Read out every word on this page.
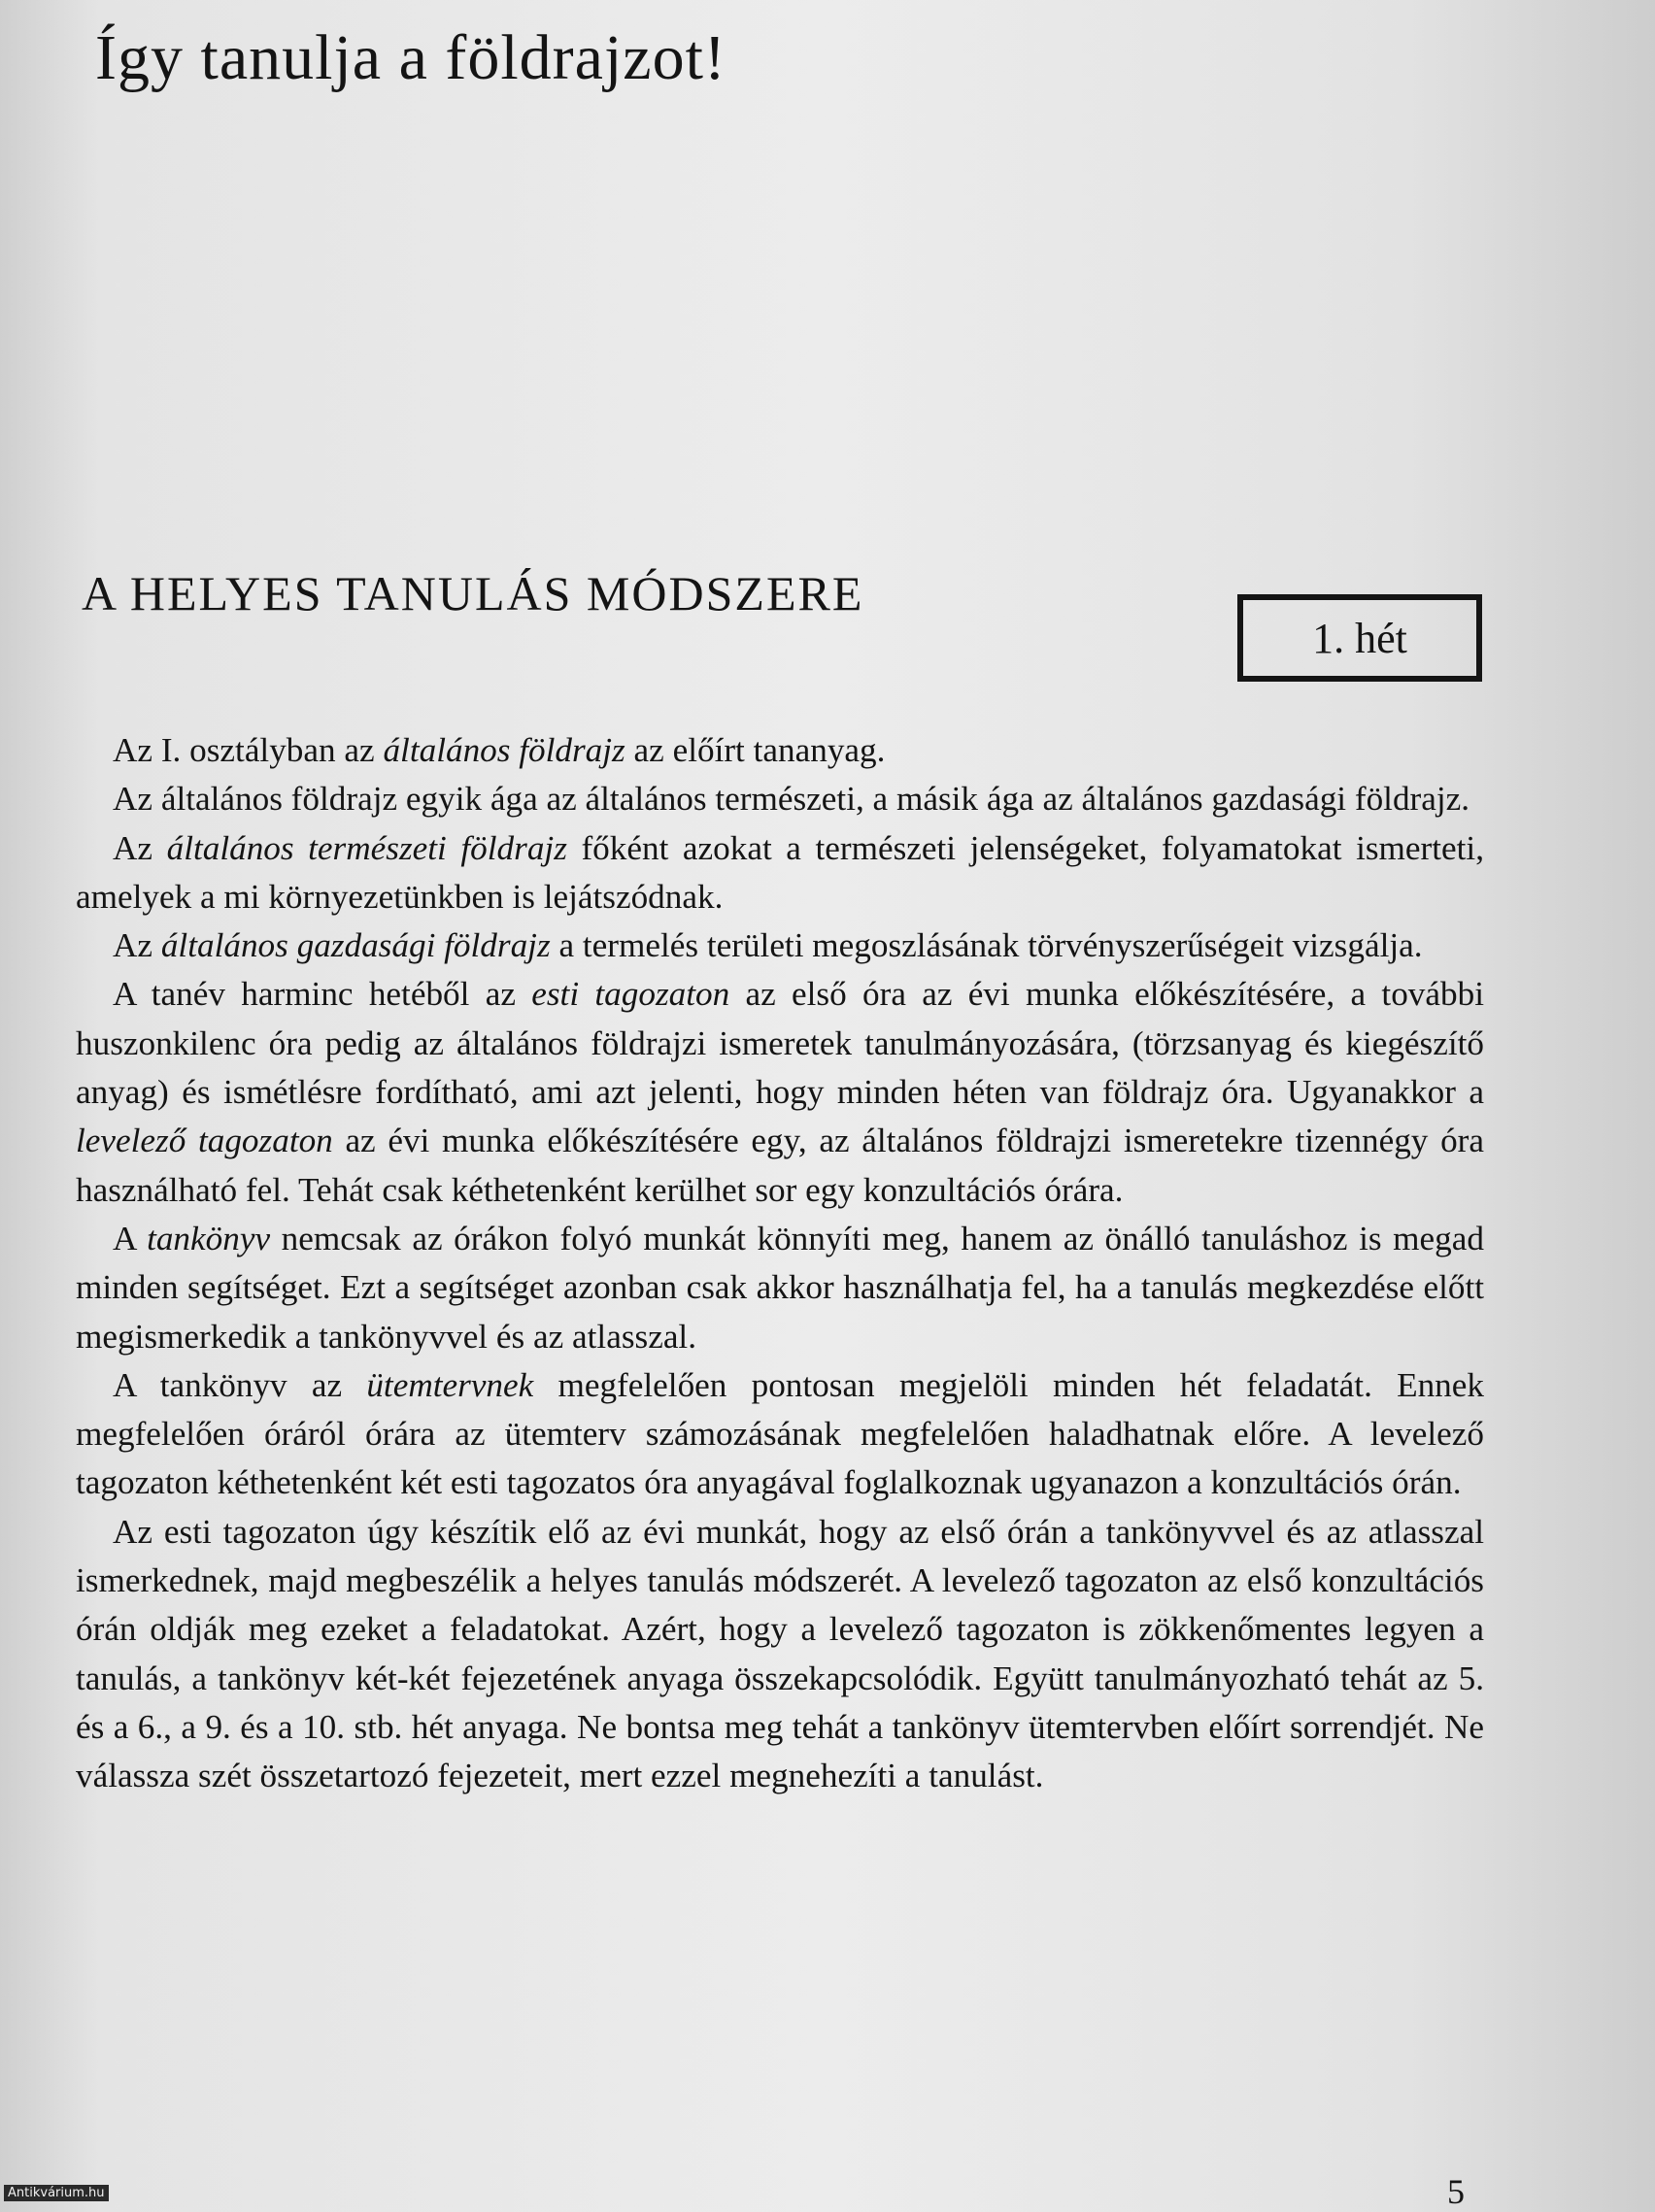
Így tanulja a földrajzot!
A HELYES TANULÁS MÓDSZERE
1. hét

Az I. osztályban az általános földrajz az előírt tananyag.

Az általános földrajz egyik ága az általános természeti, a másik ága az általános gazdasági földrajz.

Az általános természeti földrajz főként azokat a természeti jelenségeket, folyamatokat ismerteti, amelyek a mi környezetünkben is lejátszódnak.

Az általános gazdasági földrajz a termelés területi megoszlásának törvényszerűségeit vizsgálja.

A tanév harminc hetéből az esti tagozaton az első óra az évi munka előkészítésére, a további huszonkilenc óra pedig az általános földrajzi ismeretek tanulmányozására, (törzsanyag és kiegészítő anyag) és ismétlésre fordítható, ami azt jelenti, hogy minden héten van földrajz óra. Ugyanakkor a levelező tagozaton az évi munka előkészítésére egy, az általános földrajzi ismeretekre tizennégy óra használható fel. Tehát csak kéthetenként kerülhet sor egy konzultációs órára.

A tankönyv nemcsak az órákon folyó munkát könnyíti meg, hanem az önálló tanuláshoz is megad minden segítséget. Ezt a segítséget azonban csak akkor használhatja fel, ha a tanulás megkezdése előtt megismerkedik a tankönyvvel és az atlasszal.

A tankönyv az ütemtervnek megfelelően pontosan megjelöli minden hét feladatát. Ennek megfelelően óráról órára az ütemterv számozásának megfelelően haladhatnak előre. A levelező tagozaton kéthetenként két esti tagozatos óra anyagával foglalkoznak ugyanazon a konzultációs órán.

Az esti tagozaton úgy készítik elő az évi munkát, hogy az első órán a tankönyvvel és az atlasszal ismerkednek, majd megbeszélik a helyes tanulás módszerét. A levelező tagozaton az első konzultációs órán oldják meg ezeket a feladatokat. Azért, hogy a levelező tagozaton is zökkenőmentes legyen a tanulás, a tankönyv két-két fejezetének anyaga összekapcsolódik. Együtt tanulmányozható tehát az 5. és a 6., a 9. és a 10. stb. hét anyaga. Ne bontsa meg tehát a tankönyv ütemtervben előírt sorrendjét. Ne válassza szét összetartozó fejezeteit, mert ezzel megnehezíti a tanulást.

5
Antikvárium.hu
